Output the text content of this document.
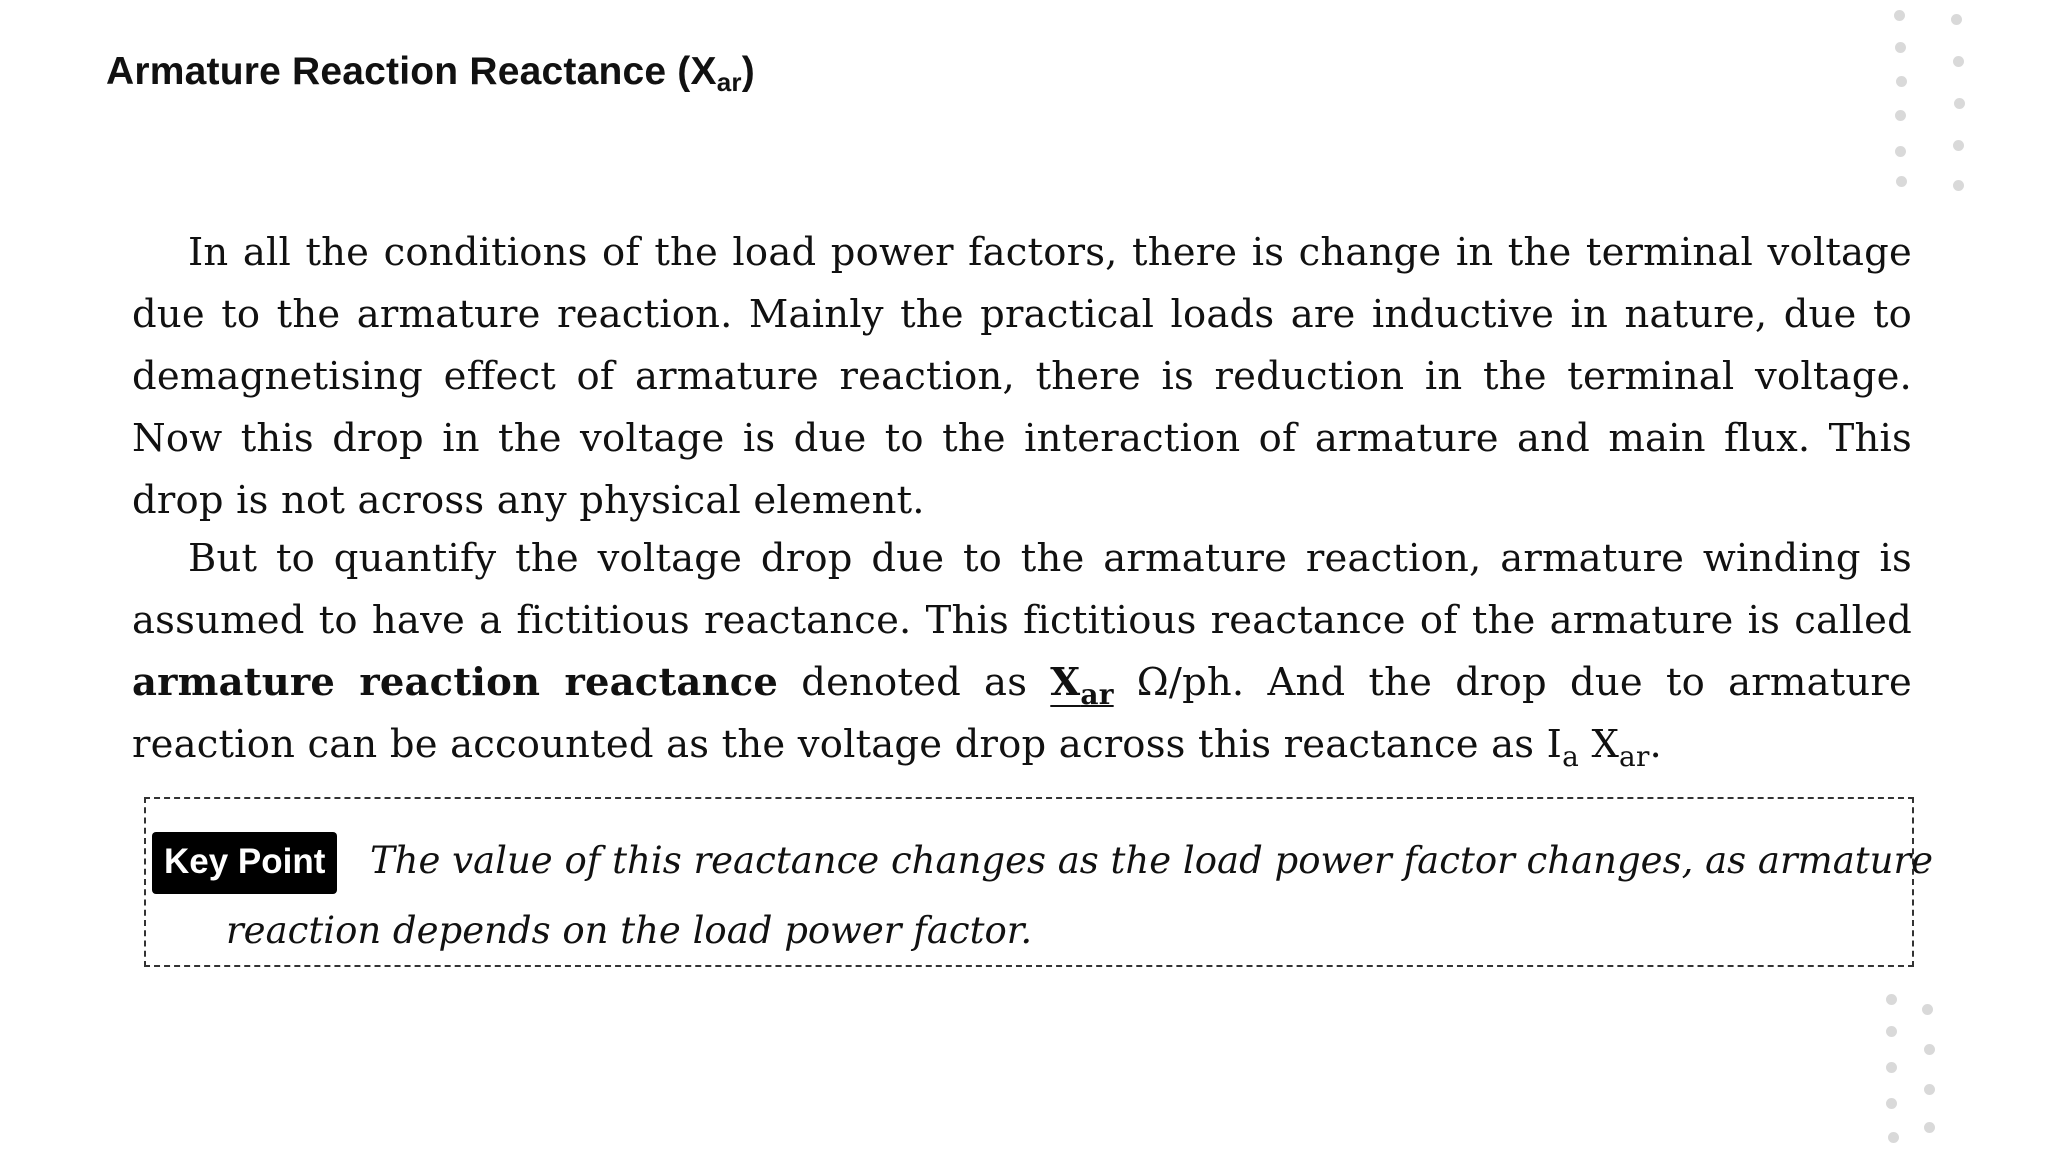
Armature Reaction Reactance $(X_{ar})$
In all the conditions of the load power factors, there is change in the terminal voltage
due to the armature reaction. Mainly the practical loads are inductive in nature, due to
demagnetising effect of armature reaction, there is reduction in the terminal voltage.
Now this drop in the voltage is due to the interaction of armature and main flux. This
drop is not across any physical element.
But to quantify the voltage drop due to the armature reaction, armature winding is
assumed to have a fictitious reactance. This fictitious reactance of the armature is called
armature reaction reactance denoted as $X_{ar}$ Ω/ph. And the drop due to armature
reaction can be accounted as the voltage drop across this reactance as $I_a$ $X_{ar}$.
Key Point	The value of this reactance changes as the load power factor changes, as armature
reaction depends on the load power factor.
